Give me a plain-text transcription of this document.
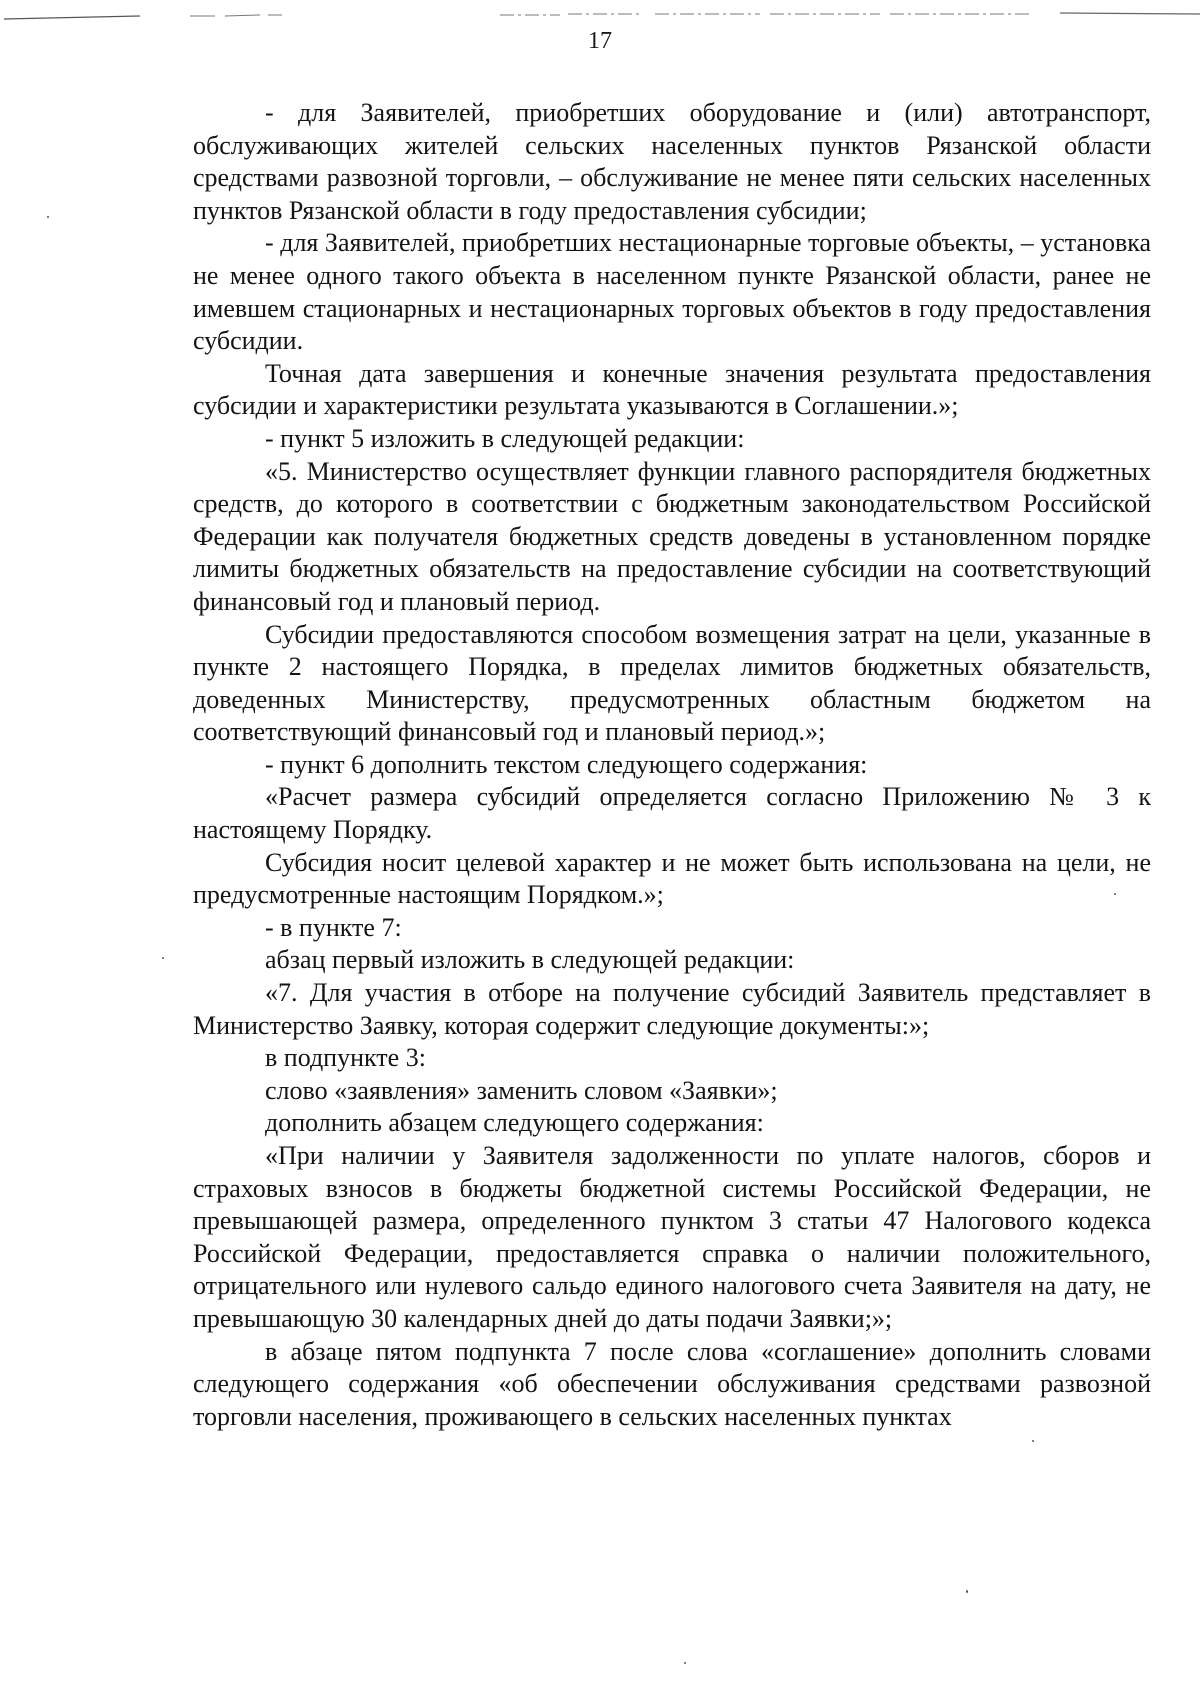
17

- для Заявителей, приобретших оборудование и (или) автотранспорт, обслуживающих жителей сельских населенных пунктов Рязанской области средствами развозной торговли, – обслуживание не менее пяти сельских населенных пунктов Рязанской области в году предоставления субсидии;

- для Заявителей, приобретших нестационарные торговые объекты, – установка не менее одного такого объекта в населенном пункте Рязанской области, ранее не имевшем стационарных и нестационарных торговых объектов в году предоставления субсидии.

Точная дата завершения и конечные значения результата предоставления субсидии и характеристики результата указываются в Соглашении.»;

- пункт 5 изложить в следующей редакции:

«5. Министерство осуществляет функции главного распорядителя бюджетных средств, до которого в соответствии с бюджетным законодательством Российской Федерации как получателя бюджетных средств доведены в установленном порядке лимиты бюджетных обязательств на предоставление субсидии на соответствующий финансовый год и плановый период.

Субсидии предоставляются способом возмещения затрат на цели, указанные в пункте 2 настоящего Порядка, в пределах лимитов бюджетных обязательств, доведенных Министерству, предусмотренных областным бюджетом на соответствующий финансовый год и плановый период.»;

- пункт 6 дополнить текстом следующего содержания:

«Расчет размера субсидий определяется согласно Приложению № 3 к настоящему Порядку.

Субсидия носит целевой характер и не может быть использована на цели, не предусмотренные настоящим Порядком.»;

- в пункте 7:

абзац первый изложить в следующей редакции:

«7. Для участия в отборе на получение субсидий Заявитель представляет в Министерство Заявку, которая содержит следующие документы:»;

в подпункте 3:

слово «заявления» заменить словом «Заявки»;

дополнить абзацем следующего содержания:

«При наличии у Заявителя задолженности по уплате налогов, сборов и страховых взносов в бюджеты бюджетной системы Российской Федерации, не превышающей размера, определенного пунктом 3 статьи 47 Налогового кодекса Российской Федерации, предоставляется справка о наличии положительного, отрицательного или нулевого сальдо единого налогового счета Заявителя на дату, не превышающую 30 календарных дней до даты подачи Заявки;»;

в абзаце пятом подпункта 7 после слова «соглашение» дополнить словами следующего содержания «об обеспечении обслуживания средствами развозной торговли населения, проживающего в сельских населенных пунктах
